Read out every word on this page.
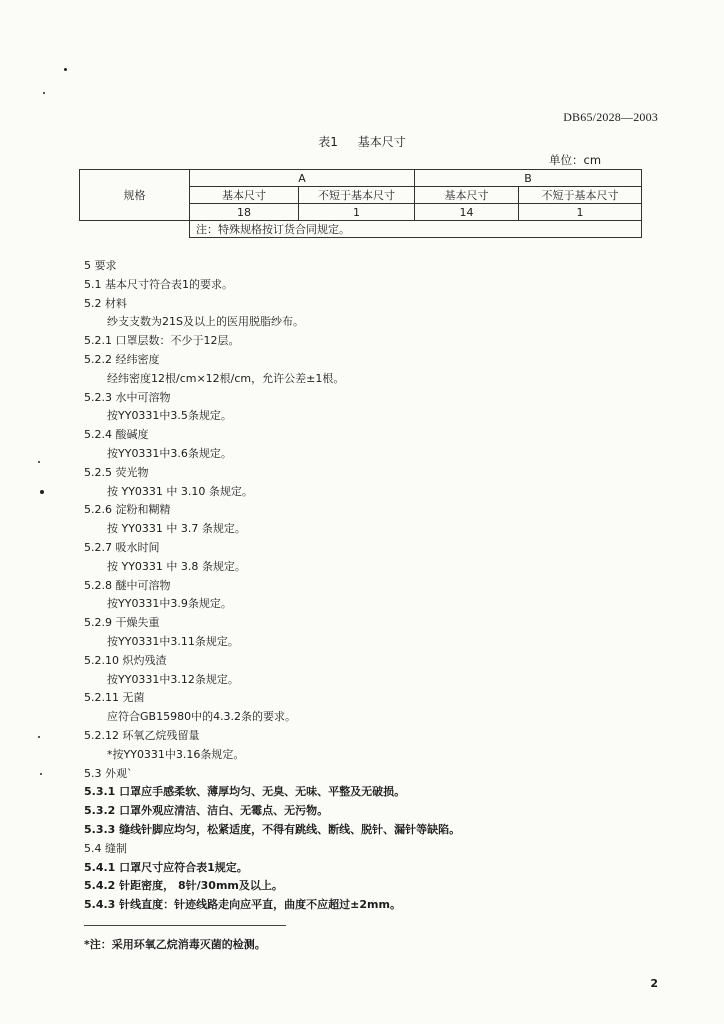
DB65/2028—2003
表1 基本尺寸
单位：cm
规格	A		B	
	基本尺寸	不短于基本尺寸	基本尺寸	不短于基本尺寸
	18	1	14	1
	注：特殊规格按订货合同规定。			
5 要求
5.1 基本尺寸符合表1的要求。
5.2 材料
纱支支数为21S及以上的医用脱脂纱布。
5.2.1 口罩层数：不少于12层。
5.2.2 经纬密度
经纬密度12根/cm×12根/cm，允许公差±1根。
5.2.3 水中可溶物
按YY0331中3.5条规定。
5.2.4 酸碱度
按YY0331中3.6条规定。
5.2.5 荧光物
按 YY0331 中 3.10 条规定。
5.2.6 淀粉和糊精
按 YY0331 中 3.7 条规定。
5.2.7 吸水时间
按 YY0331 中 3.8 条规定。
5.2.8 醚中可溶物
按YY0331中3.9条规定。
5.2.9 干燥失重
按YY0331中3.11条规定。
5.2.10 炽灼残渣
按YY0331中3.12条规定。
5.2.11 无菌
应符合GB15980中的4.3.2条的要求。
5.2.12 环氧乙烷残留量
*按YY0331中3.16条规定。
5.3 外观`
5.3.1 口罩应手感柔软、薄厚均匀、无臭、无味、平整及无破损。
5.3.2 口罩外观应清洁、洁白、无霉点、无污物。
5.3.3 缝线针脚应均匀，松紧适度，不得有跳线、断线、脱针、漏针等缺陷。
5.4 缝制
5.4.1 口罩尺寸应符合表1规定。
5.4.2 针距密度， 8针/30mm及以上。
5.4.3 针线直度：针迹线路走向应平直，曲度不应超过±2mm。
*注：采用环氧乙烷消毒灭菌的检测。
2
